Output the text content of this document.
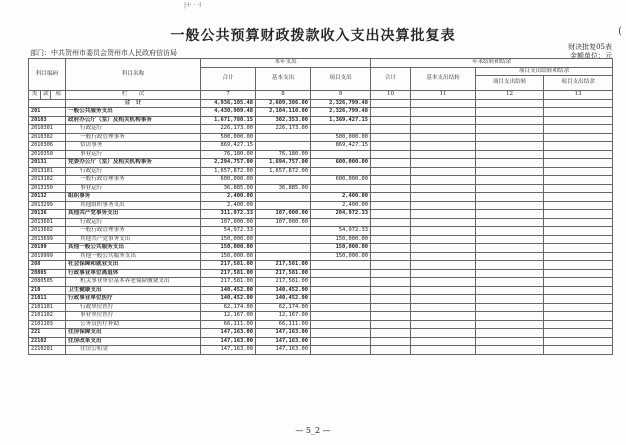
|·ǀ· · ·ǀ
(
一般公共预算财政拨款收入支出决算批复表
部门：中共贺州市委员会贺州市人民政府信访局
财决批复05表
金额单位：元
科目编码			科目名称	本年支出			年末结转和结余			
				合计	基本支出	项目支出	合计	基本支出结转	项目支出结转和结余	
									项目支出结转	项目支出结余
类	款	项	栏　　次	7	8	9	10	11	12	13
			合　计	4,936,105.48	2,609,306.00	2,326,799.48				
201			一般公共服务支出	4,430,909.48	2,104,110.00	2,326,799.48				
20103			政府办公厅（室）及相关机构事务	1,671,780.15	302,353.00	1,369,427.15				
2010301			行政运行	226,173.00	226,173.00					
2010302			一般行政管理事务	500,000.00		500,000.00				
2010306			信访事务	869,427.15		869,427.15				
2010350			事业运行	76,180.00	76,180.00					
20131			党委办公厅（室）及相关机构事务	2,294,757.00	1,694,757.00	600,000.00				
2013101			行政运行	1,657,872.00	1,657,872.00					
2013102			一般行政管理事务	600,000.00		600,000.00				
2013150			事业运行	36,885.00	36,885.00					
20132			组织事务	2,400.00		2,400.00				
2013299			其他组织事务支出	2,400.00		2,400.00				
20136			其他共产党事务支出	311,972.33	107,000.00	204,972.33				
2013601			行政运行	107,000.00	107,000.00					
2013602			一般行政管理事务	54,972.33		54,972.33				
2013699			其他共产党事务支出	150,000.00		150,000.00				
20199			其他一般公共服务支出	150,000.00		150,000.00				
2019999			其他一般公共服务支出	150,000.00		150,000.00				
208			社会保障和就业支出	217,581.00	217,581.00					
20805			行政事业单位离退休	217,581.00	217,581.00					
2080505			机关事业单位基本养老保险缴费支出	217,581.00	217,581.00					
210			卫生健康支出	140,452.00	140,452.00					
21011			行政事业单位医疗	140,452.00	140,452.00					
2101101			行政单位医疗	62,174.00	62,174.00					
2101102			事业单位医疗	12,167.00	12,167.00					
2101103			公务员医疗补助	66,111.00	66,111.00					
221			住房保障支出	147,163.00	147,163.00					
22102			住房改革支出	147,163.00	147,163.00					
2210201			住房公积金	147,163.00	147,163.00					
— 5_2 —
